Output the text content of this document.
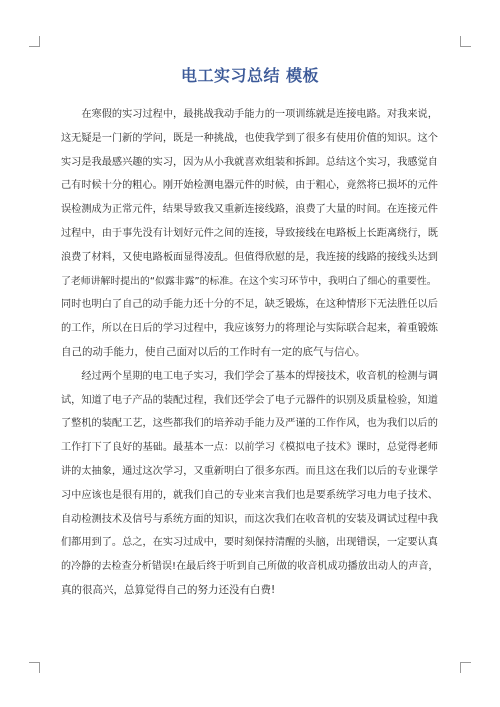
电工实习总结 模板
　　在寒假的实习过程中，最挑战我动手能力的一项训练就是连接电路。对我来说，
这无疑是一门新的学问，既是一种挑战，也使我学到了很多有使用价值的知识。这个
实习是我最感兴趣的实习，因为从小我就喜欢组装和拆卸。总结这个实习，我感觉自
己有时候十分的粗心。刚开始检测电器元件的时候，由于粗心，竟然将已损坏的元件
误检测成为正常元件，结果导致我又重新连接线路，浪费了大量的时间。在连接元件
过程中，由于事先没有计划好元件之间的连接，导致接线在电路板上长距离绕行，既
浪费了材料，又使电路板面显得凌乱。但值得欣慰的是，我连接的线路的接线头达到
了老师讲解时提出的“似露非露”的标准。在这个实习环节中，我明白了细心的重要性。
同时也明白了自己的动手能力还十分的不足，缺乏锻炼，在这种情形下无法胜任以后
的工作，所以在日后的学习过程中，我应该努力的将理论与实际联合起来，着重锻炼
自己的动手能力，使自己面对以后的工作时有一定的底气与信心。
　　经过两个星期的电工电子实习，我们学会了基本的焊接技术，收音机的检测与调
试，知道了电子产品的装配过程，我们还学会了电子元器件的识别及质量检验，知道
了整机的装配工艺，这些都我们的培养动手能力及严谨的工作作风，也为我们以后的
工作打下了良好的基础。最基本一点：以前学习《模拟电子技术》课时，总觉得老师
讲的太抽象，通过这次学习，又重新明白了很多东西。而且这在我们以后的专业课学
习中应该也是很有用的，就我们自己的专业来言我们也是要系统学习电力电子技术、
自动检测技术及信号与系统方面的知识，而这次我们在收音机的安装及调试过程中我
们都用到了。总之，在实习过成中，要时刻保持清醒的头脑，出现错误，一定要认真
的冷静的去检查分析错误!在最后终于听到自己所做的收音机成功播放出动人的声音，
真的很高兴，总算觉得自己的努力还没有白费!
